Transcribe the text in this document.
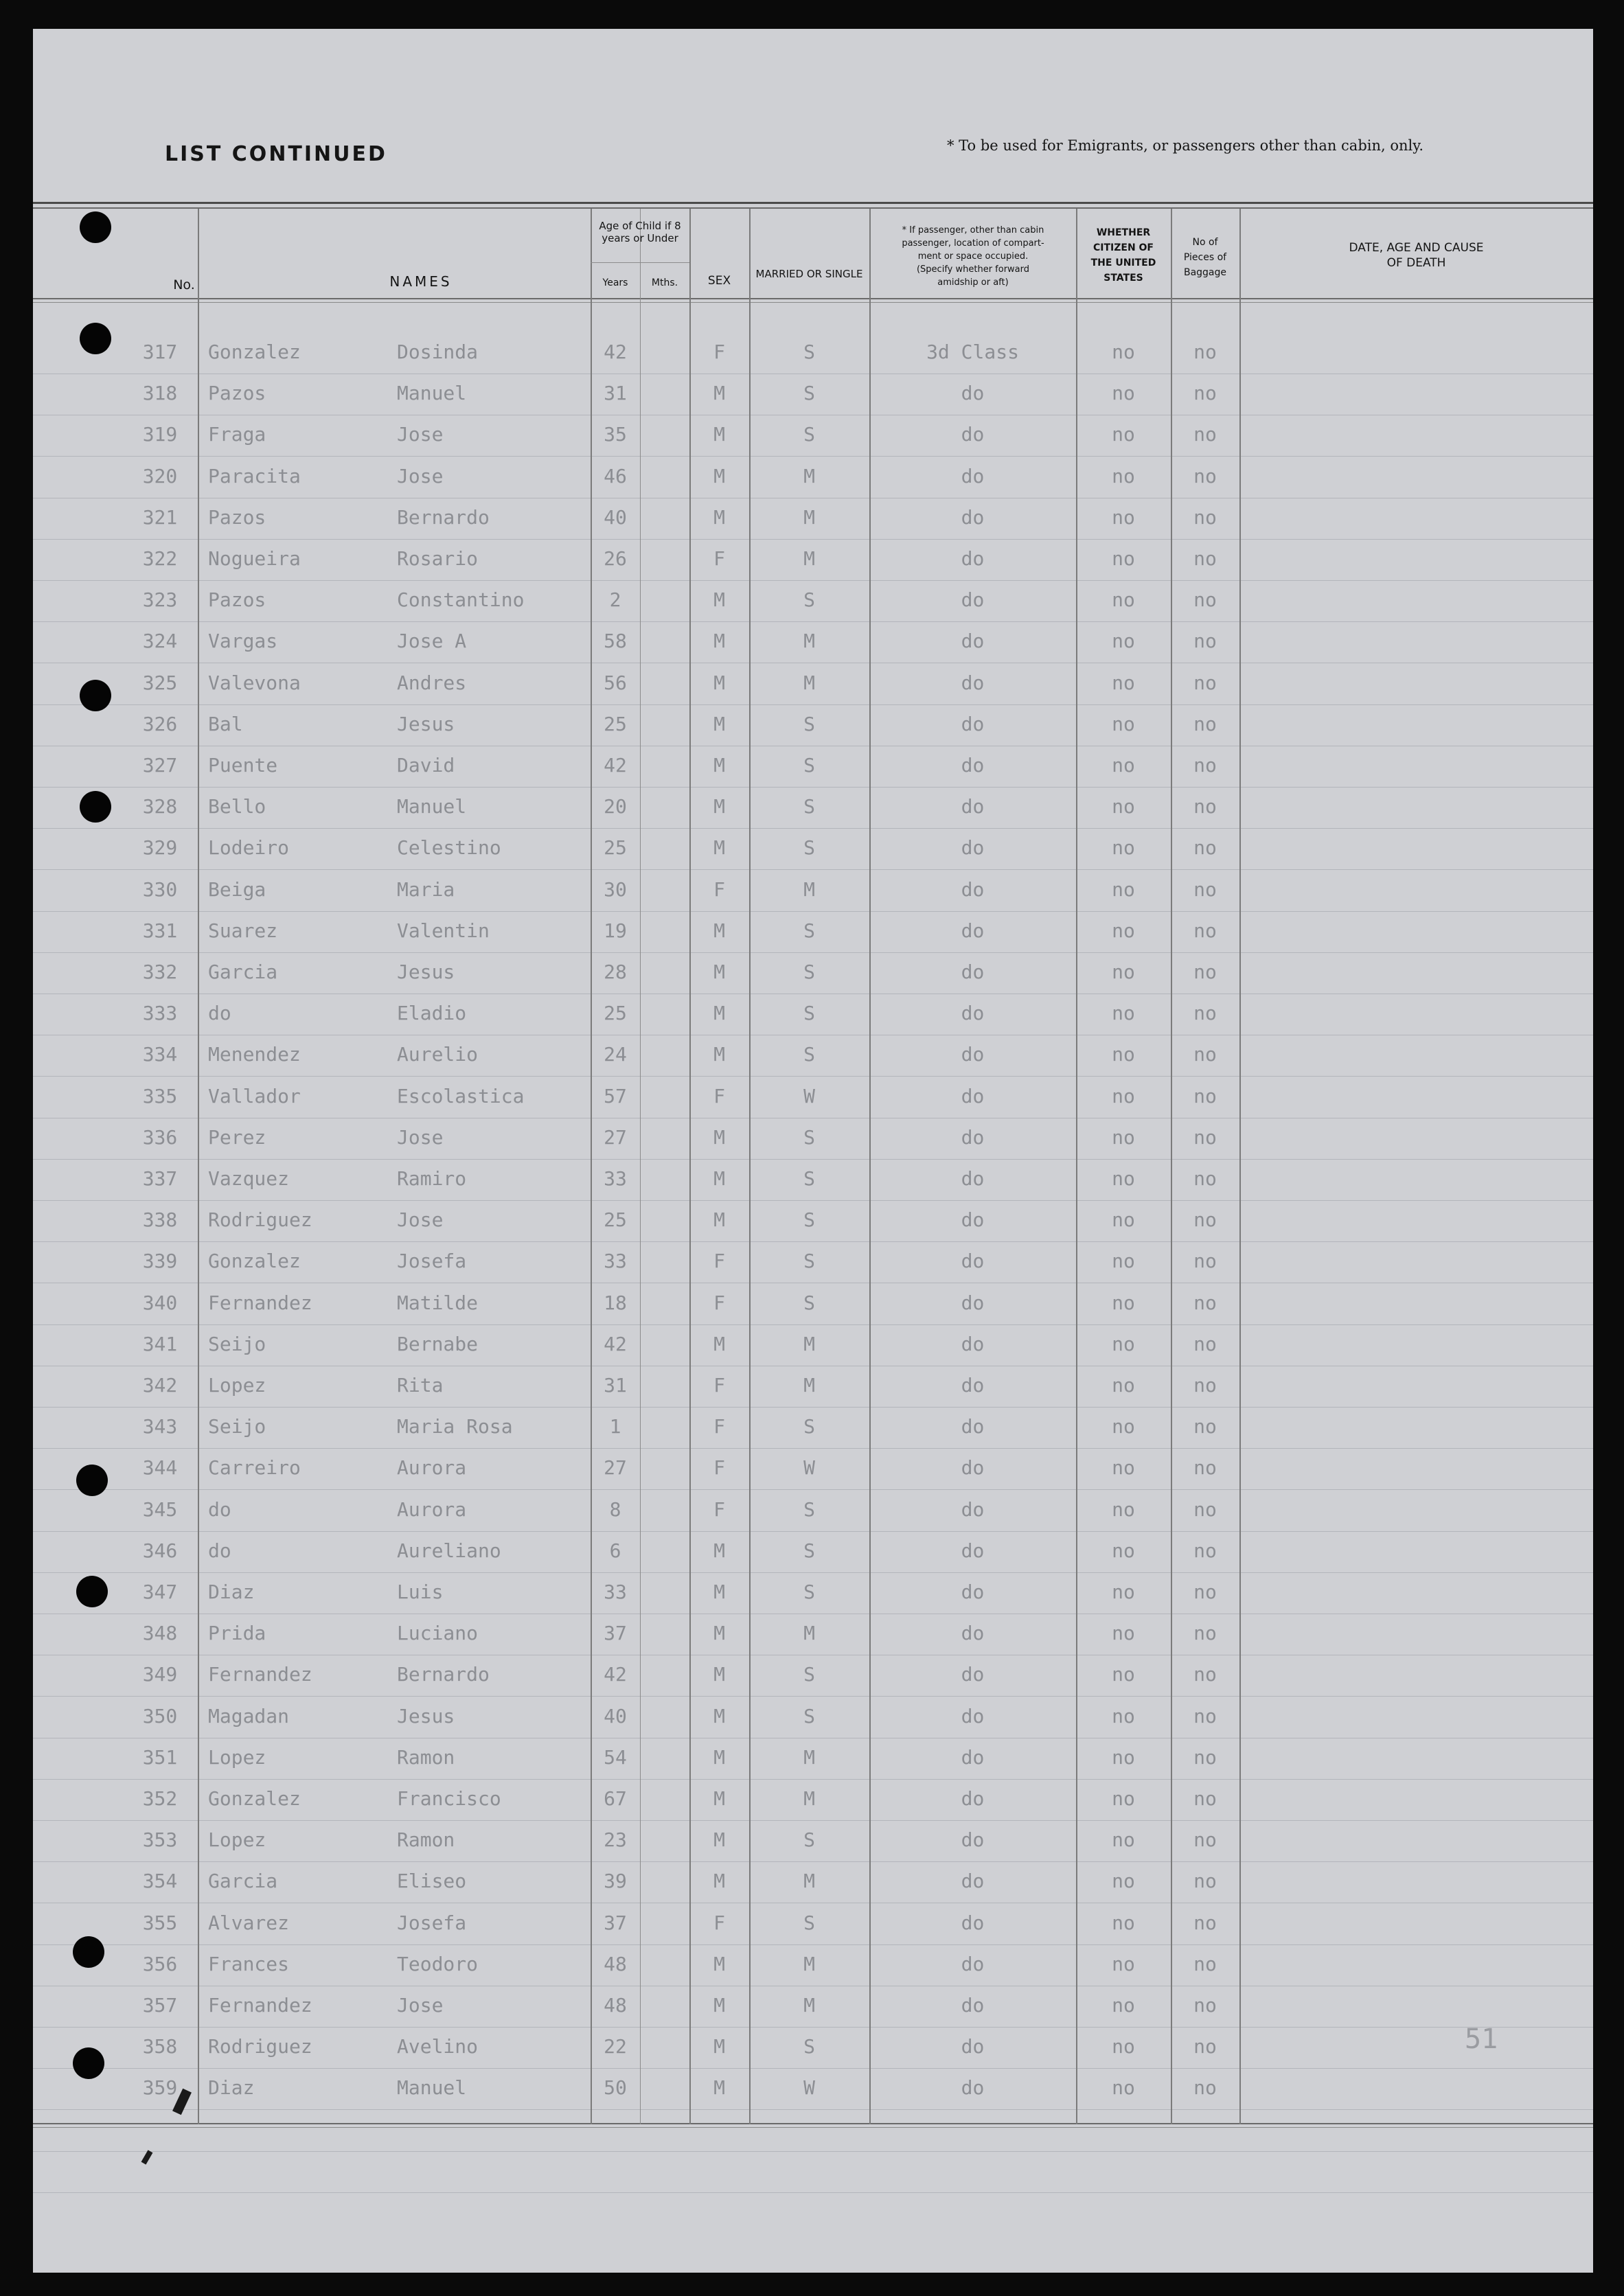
LIST CONTINUED	* To be used for Emigrants, or passengers other than cabin, only.
No.	NAMES
Age of Child if 8 years or Under
Years	Mths.	SEX	MARRIED OR SINGLE
* If passenger, other than cabin
passenger, location of compart-
ment or space occupied.
(Specify whether forward
amidship or aft)
WHETHER
CITIZEN OF
THE UNITED
STATES
No of
Pieces of
Baggage
DATE, AGE AND CAUSE
OF DEATH
317	Gonzalez	Dosinda	42	F	S	3d Class	no	no
318	Pazos	Manuel	31	M	S	do	no	no
319	Fraga	Jose	35	M	S	do	no	no
320	Paracita	Jose	46	M	M	do	no	no
321	Pazos	Bernardo	40	M	M	do	no	no
322	Nogueira	Rosario	26	F	M	do	no	no
323	Pazos	Constantino	2	M	S	do	no	no
324	Vargas	Jose A	58	M	M	do	no	no
325	Valevona	Andres	56	M	M	do	no	no
326	Bal	Jesus	25	M	S	do	no	no
327	Puente	David	42	M	S	do	no	no
328	Bello	Manuel	20	M	S	do	no	no
329	Lodeiro	Celestino	25	M	S	do	no	no
330	Beiga	Maria	30	F	M	do	no	no
331	Suarez	Valentin	19	M	S	do	no	no
332	Garcia	Jesus	28	M	S	do	no	no
333	do	Eladio	25	M	S	do	no	no
334	Menendez	Aurelio	24	M	S	do	no	no
335	Vallador	Escolastica	57	F	W	do	no	no
336	Perez	Jose	27	M	S	do	no	no
337	Vazquez	Ramiro	33	M	S	do	no	no
338	Rodriguez	Jose	25	M	S	do	no	no
339	Gonzalez	Josefa	33	F	S	do	no	no
340	Fernandez	Matilde	18	F	S	do	no	no
341	Seijo	Bernabe	42	M	M	do	no	no
342	Lopez	Rita	31	F	M	do	no	no
343	Seijo	Maria Rosa	1	F	S	do	no	no
344	Carreiro	Aurora	27	F	W	do	no	no
345	do	Aurora	8	F	S	do	no	no
346	do	Aureliano	6	M	S	do	no	no
347	Diaz	Luis	33	M	S	do	no	no
348	Prida	Luciano	37	M	M	do	no	no
349	Fernandez	Bernardo	42	M	S	do	no	no
350	Magadan	Jesus	40	M	S	do	no	no
351	Lopez	Ramon	54	M	M	do	no	no
352	Gonzalez	Francisco	67	M	M	do	no	no
353	Lopez	Ramon	23	M	S	do	no	no
354	Garcia	Eliseo	39	M	M	do	no	no
355	Alvarez	Josefa	37	F	S	do	no	no
356	Frances	Teodoro	48	M	M	do	no	no
357	Fernandez	Jose	48	M	M	do	no	no
358	Rodriguez	Avelino	22	M	S	do	no	no
359	Diaz	Manuel	50	M	W	do	no	no
51
